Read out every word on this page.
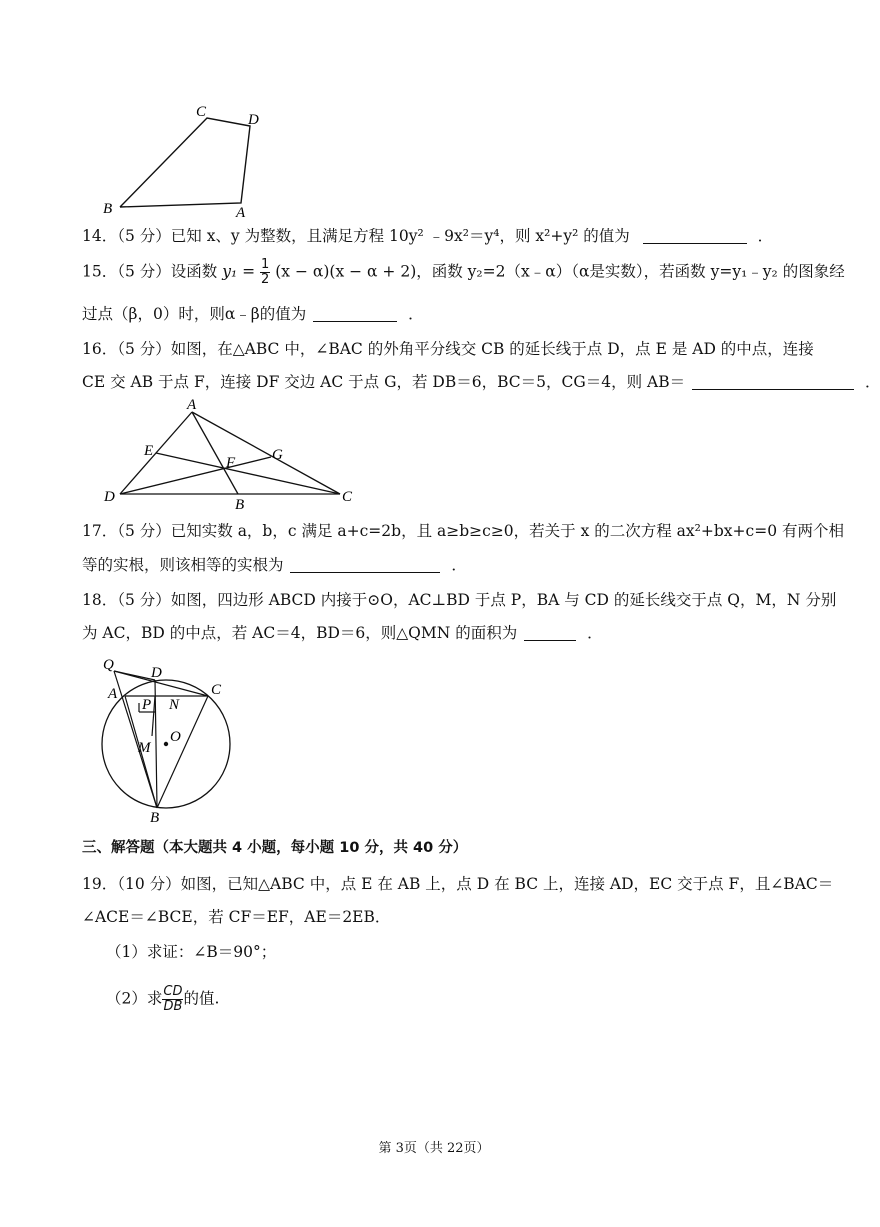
B
C	D
A
14．（5 分）已知 x、y 为整数，且满足方程 10y² ﹣9x²＝y⁴，则 x²+y² 的值为	．
15．（5 分）设函数 $y_1 = \frac{1}{2} (x - \alpha)(x - \alpha + 2)$，函数 y₂=2（x﹣α）（α是实数），若函数 y=y₁﹣y₂ 的图象经
过点（β，0）时，则α﹣β的值为	．
16．（5 分）如图，在△ABC 中，∠BAC 的外角平分线交 CB 的延长线于点 D，点 E 是 AD 的中点，连接
CE 交 AB 于点 F，连接 DF 交边 AC 于点 G，若 DB＝6，BC＝5，CG＝4，则 AB＝	．
A
E
F G
D	B	C
17．（5 分）已知实数 a，b，c 满足 a+c=2b，且 a≥b≥c≥0，若关于 x 的二次方程 ax²+bx+c=0 有两个相
等的实根，则该相等的实根为	．
18．（5 分）如图，四边形 ABCD 内接于⊙O，AC⊥BD 于点 P，BA 与 CD 的延长线交于点 Q，M，N 分别
为 AC，BD 的中点，若 AC＝4，BD＝6，则△QMN 的面积为	．
Q D
A	C
P N
M
O
B
三、解答题（本大题共 4 小题，每小题 10 分，共 40 分）
19．（10 分）如图，已知△ABC 中，点 E 在 AB 上，点 D 在 BC 上，连接 AD，EC 交于点 F，且∠BAC＝
∠ACE＝∠BCE，若 CF＝EF，AE＝2EB．
（1）求证：∠B＝90°；
（2）求 $\frac{CD}{DB}$ 的值.
第 3页（共 22页）
